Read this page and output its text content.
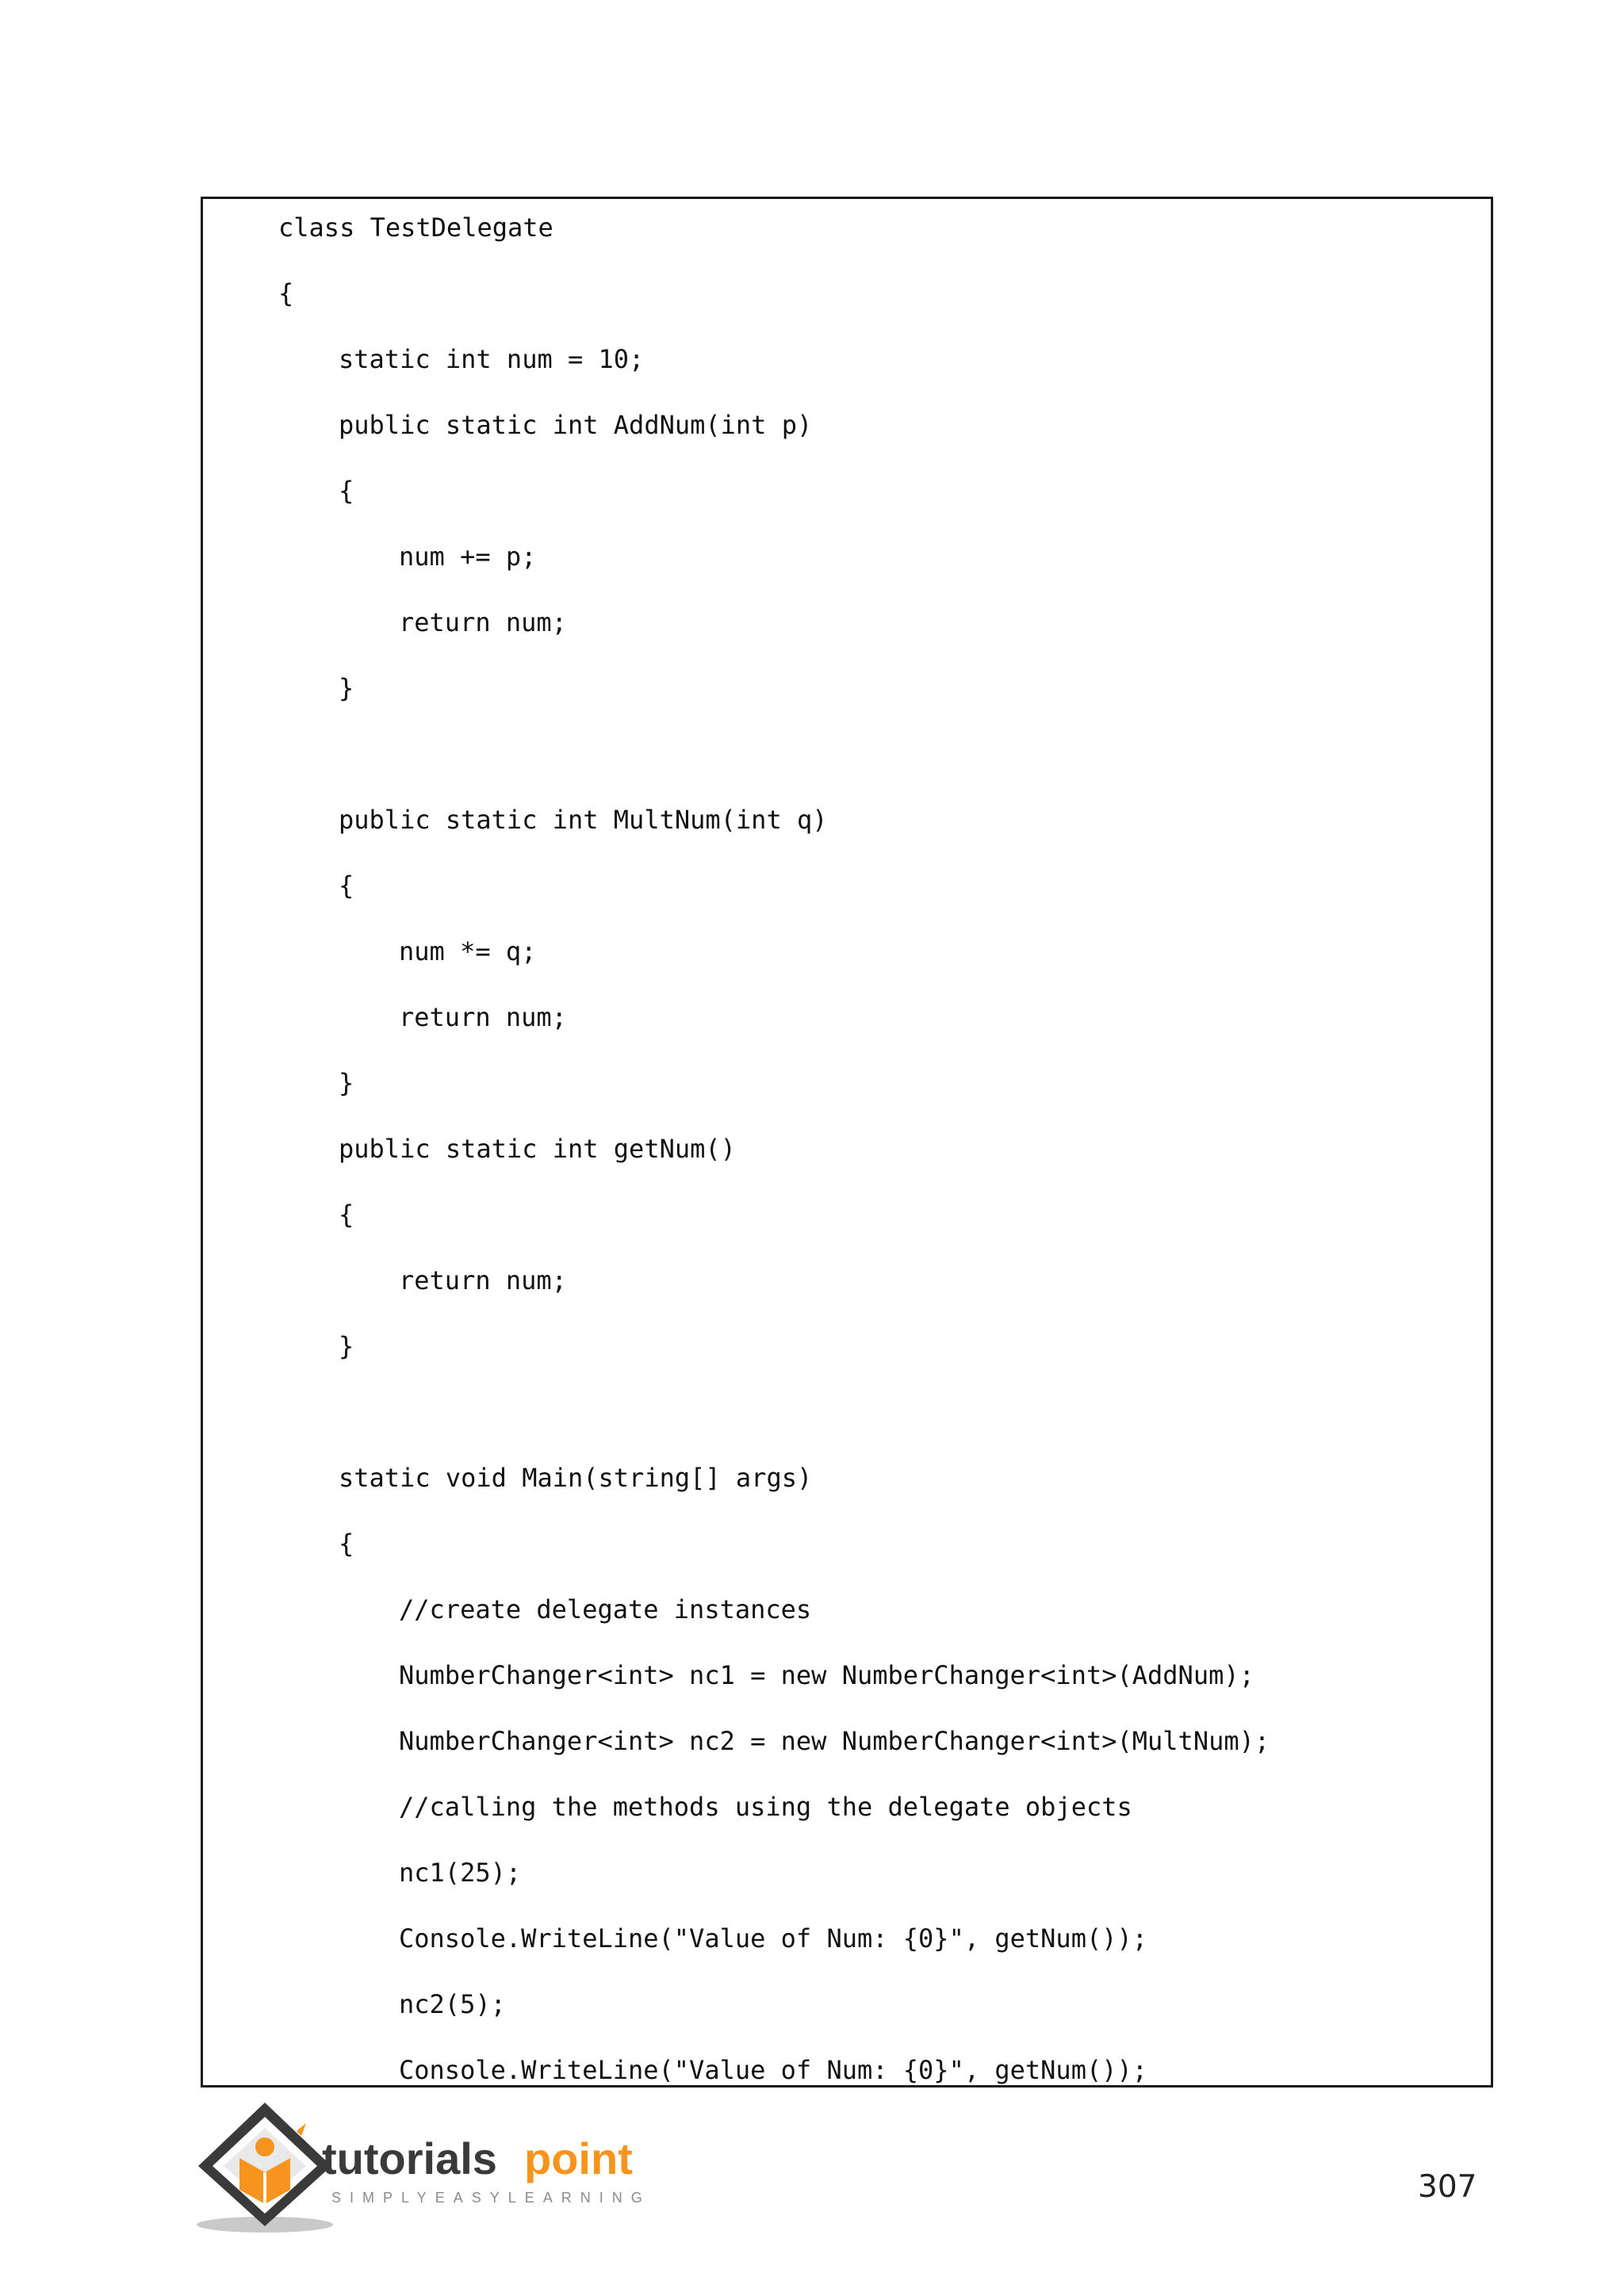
class TestDelegate
{
static int num = 10;
public static int AddNum(int p)
{
num += p;
return num;
}
public static int MultNum(int q)
{
num *= q;
return num;
}
public static int getNum()
{
return num;
}
static void Main(string[] args)
{
//create delegate instances
NumberChanger<int> nc1 = new NumberChanger<int>(AddNum);
NumberChanger<int> nc2 = new NumberChanger<int>(MultNum);
//calling the methods using the delegate objects
nc1(25);
Console.WriteLine("Value of Num: {0}", getNum());
nc2(5);
Console.WriteLine("Value of Num: {0}", getNum());
tutorials point
SIMPLYEASYLEARNING	307
